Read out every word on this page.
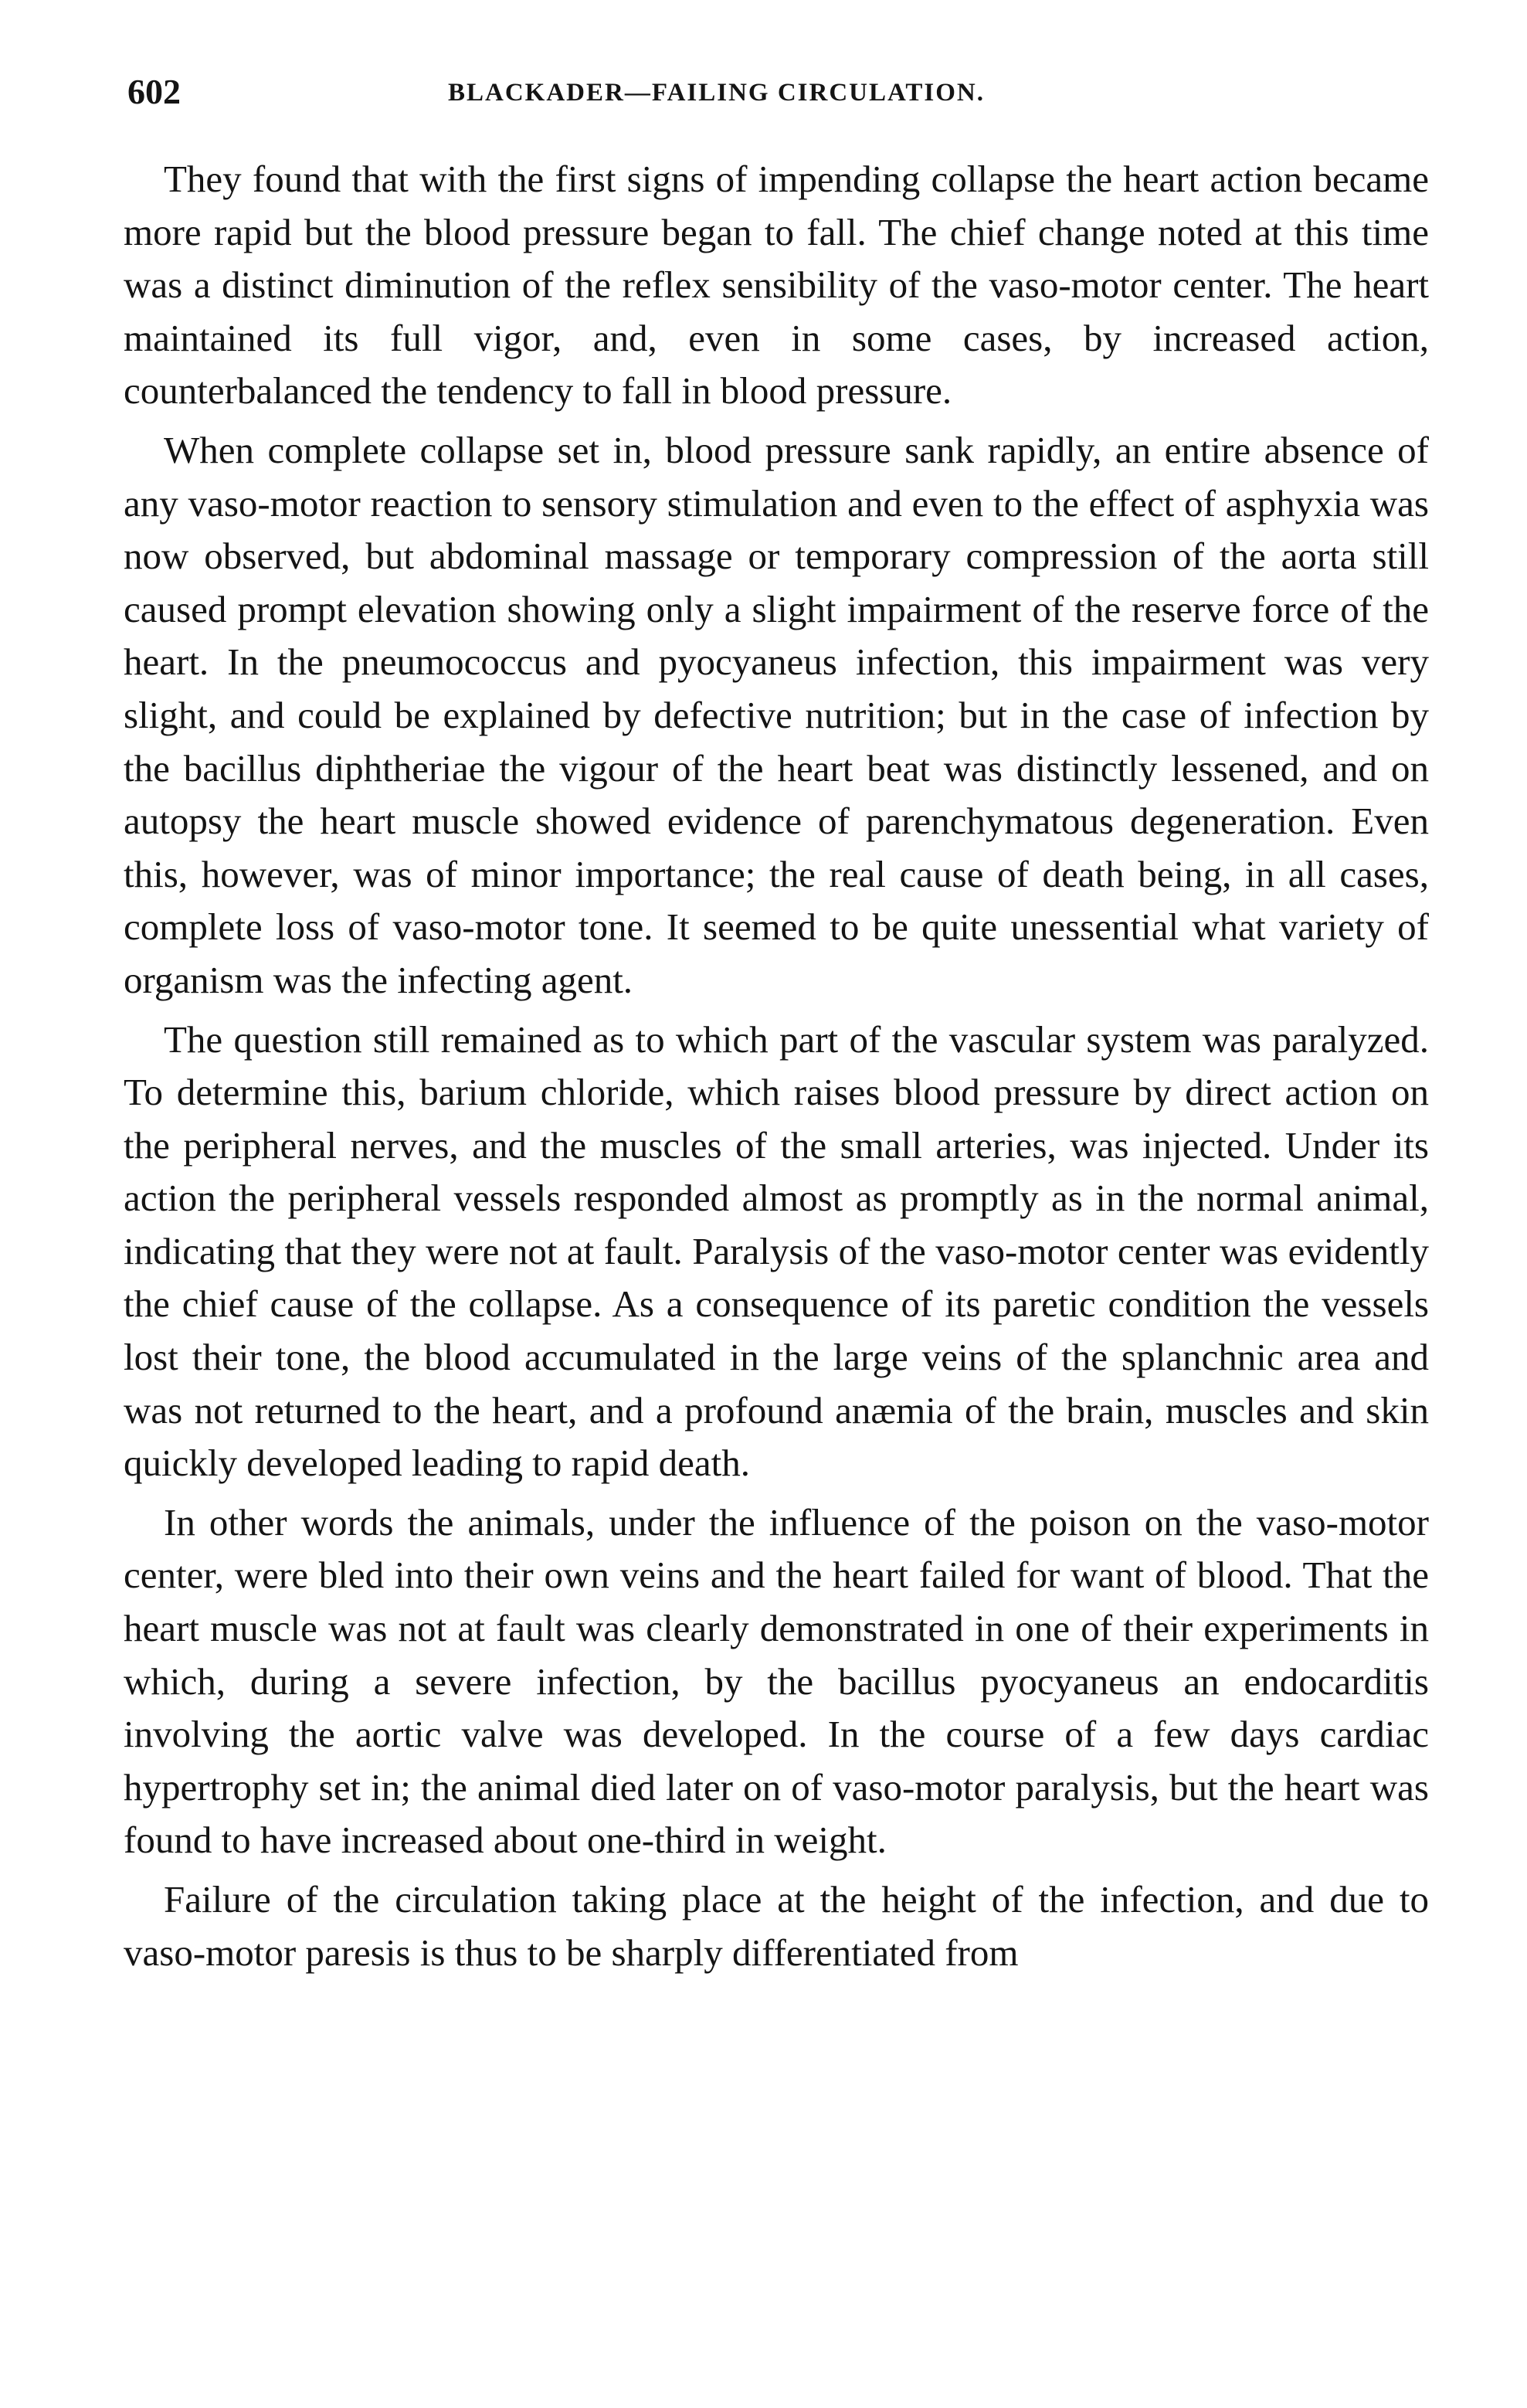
602	BLACKADER—FAILING CIRCULATION.

They found that with the first signs of impending collapse the heart action became more rapid but the blood pressure began to fall. The chief change noted at this time was a distinct diminution of the reflex sensibility of the vaso-motor center. The heart maintained its full vigor, and, even in some cases, by increased action, counterbalanced the tendency to fall in blood pressure.

When complete collapse set in, blood pressure sank rapidly, an entire absence of any vaso-motor reaction to sensory stimulation and even to the effect of asphyxia was now observed, but abdominal massage or temporary compression of the aorta still caused prompt elevation showing only a slight impairment of the reserve force of the heart. In the pneumococcus and pyocyaneus infection, this impairment was very slight, and could be explained by defective nutrition; but in the case of infection by the bacillus diphtheriae the vigour of the heart beat was distinctly lessened, and on autopsy the heart muscle showed evidence of parenchymatous degeneration. Even this, however, was of minor importance; the real cause of death being, in all cases, complete loss of vaso-motor tone. It seemed to be quite unessential what variety of organism was the infecting agent.

The question still remained as to which part of the vascular system was paralyzed. To determine this, barium chloride, which raises blood pressure by direct action on the peripheral nerves, and the muscles of the small arteries, was injected. Under its action the peripheral vessels responded almost as promptly as in the normal animal, indicating that they were not at fault. Paralysis of the vaso-motor center was evidently the chief cause of the collapse. As a consequence of its paretic condition the vessels lost their tone, the blood accumulated in the large veins of the splanchnic area and was not returned to the heart, and a profound anæmia of the brain, muscles and skin quickly developed leading to rapid death.

In other words the animals, under the influence of the poison on the vaso-motor center, were bled into their own veins and the heart failed for want of blood. That the heart muscle was not at fault was clearly demonstrated in one of their experiments in which, during a severe infection, by the bacillus pyocyaneus an endocarditis involving the aortic valve was developed. In the course of a few days cardiac hypertrophy set in; the animal died later on of vaso-motor paralysis, but the heart was found to have increased about one-third in weight.

Failure of the circulation taking place at the height of the infection, and due to vaso-motor paresis is thus to be sharply differentiated from
